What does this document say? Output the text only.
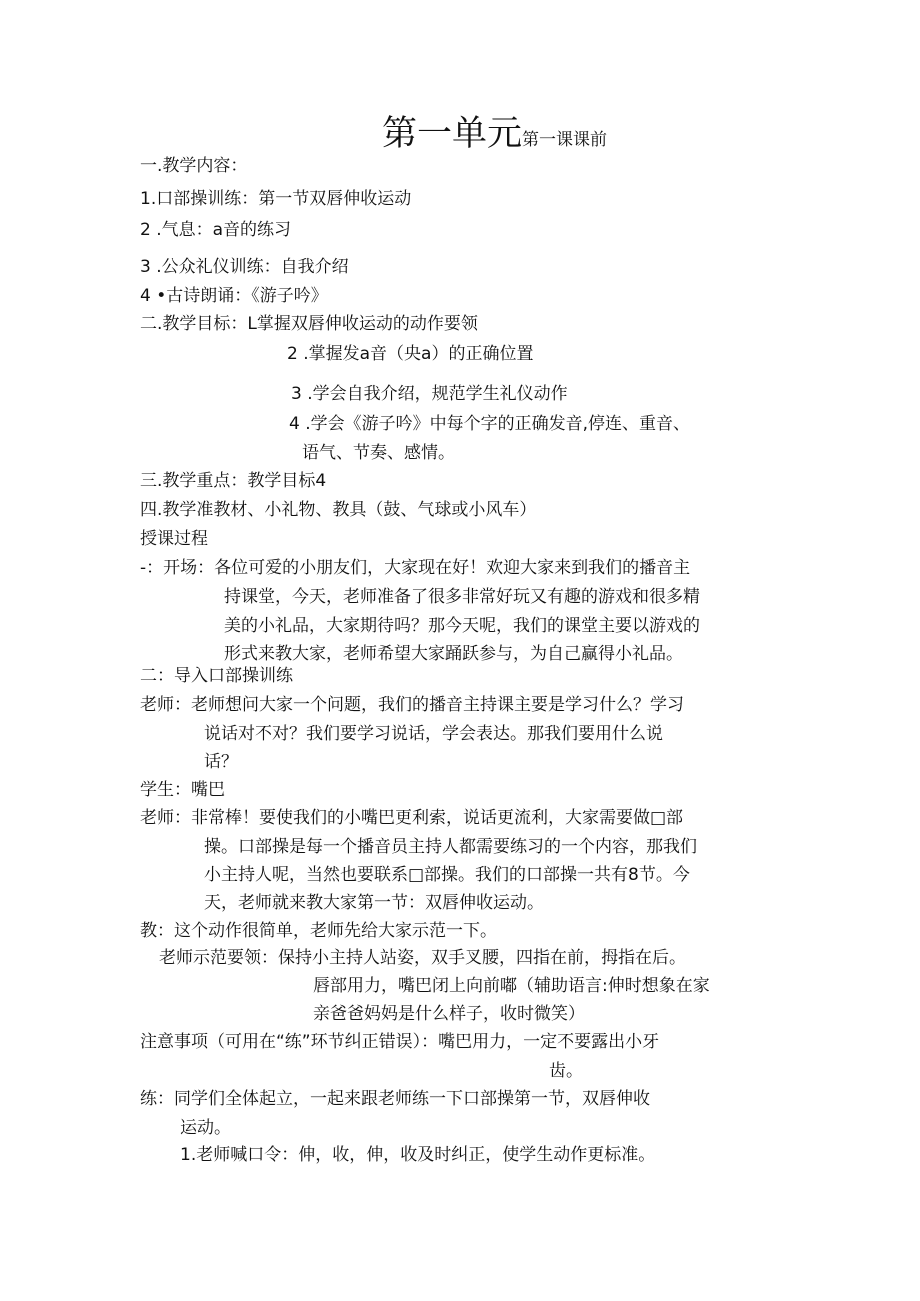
第一单元第一课课前
一.教学内容：
1.口部操训练：第一节双唇伸收运动
2 .气息：a音的练习
3 .公众礼仪训练：自我介绍
4 •古诗朗诵：《游子吟》
二.教学目标：L掌握双唇伸收运动的动作要领
2 .掌握发a音（央a）的正确位置
3 .学会自我介绍，规范学生礼仪动作
4 .学会《游子吟》中每个字的正确发音,停连、重音、
语气、节奏、感情。
三.教学重点：教学目标4
四.教学准教材、小礼物、教具（鼓、气球或小风车）
授课过程
-：开场：各位可爱的小朋友们，大家现在好！欢迎大家来到我们的播音主
持课堂，今天，老师准备了很多非常好玩又有趣的游戏和很多精
美的小礼品，大家期待吗？那今天呢，我们的课堂主要以游戏的
形式来教大家，老师希望大家踊跃参与，为自己赢得小礼品。
二：导入口部操训练
老师：老师想问大家一个问题，我们的播音主持课主要是学习什么？学习
说话对不对？我们要学习说话，学会表达。那我们要用什么说
话？
学生：嘴巴
老师：非常棒！要使我们的小嘴巴更利索，说话更流利，大家需要做□部
操。口部操是每一个播音员主持人都需要练习的一个内容，那我们
小主持人呢，当然也要联系□部操。我们的口部操一共有8节。今
天，老师就来教大家第一节：双唇伸收运动。
教：这个动作很简单，老师先给大家示范一下。
老师示范要领：保持小主持人站姿，双手叉腰，四指在前，拇指在后。
唇部用力，嘴巴闭上向前嘟（辅助语言:伸时想象在家
亲爸爸妈妈是什么样子，收时微笑）
注意事项（可用在“练”环节纠正错误）：嘴巴用力，一定不要露出小牙
齿。
练：同学们全体起立，一起来跟老师练一下口部操第一节，双唇伸收
运动。
1.老师喊口令：伸，收，伸，收及时纠正，使学生动作更标准。
